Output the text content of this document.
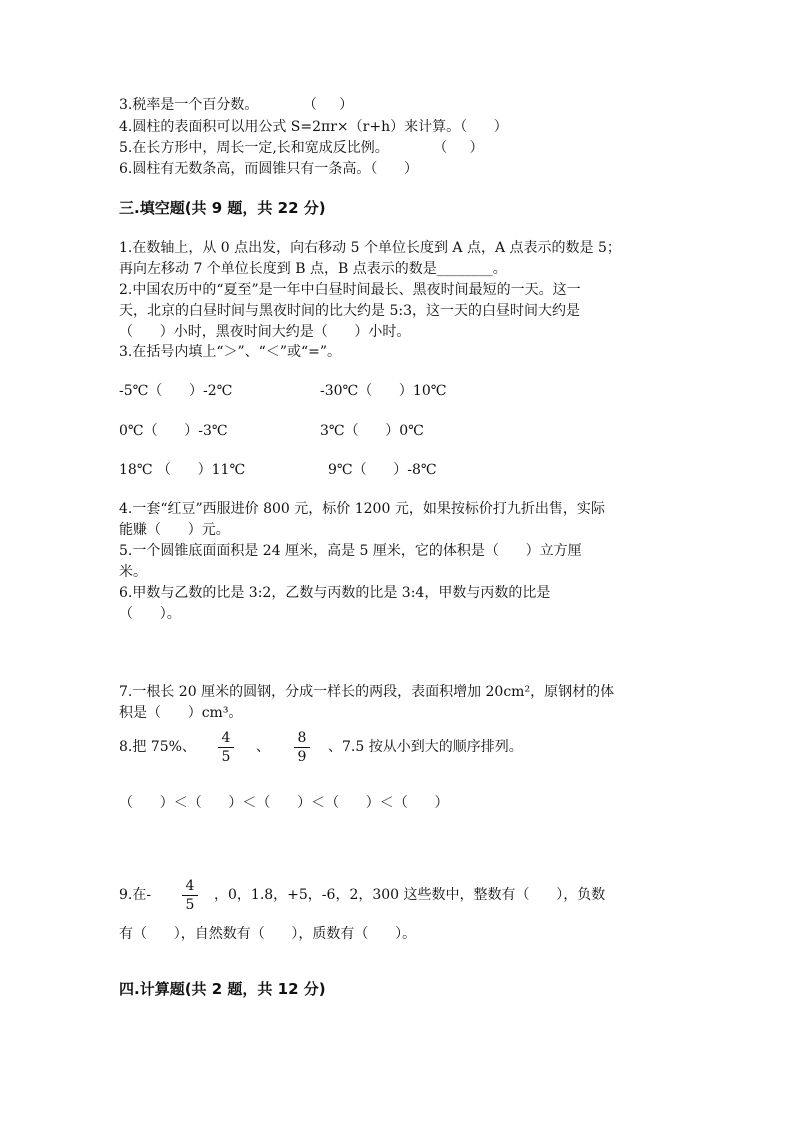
3.税率是一个百分数。          （     ）
4.圆柱的表面积可以用公式 S=2πr×（r+h）来计算。（      ）
5.在长方形中，周长一定,长和宽成反比例。          （     ）
6.圆柱有无数条高，而圆锥只有一条高。（      ）
三.填空题(共 9 题，共 22 分)
1.在数轴上，从 0 点出发，向右移动 5 个单位长度到 A 点，A 点表示的数是 5；
再向左移动 7 个单位长度到 B 点，B 点表示的数是________。
2.中国农历中的“夏至”是一年中白昼时间最长、黑夜时间最短的一天。这一
天，北京的白昼时间与黑夜时间的比大约是 5:3，这一天的白昼时间大约是
（      ）小时，黑夜时间大约是（      ）小时。
3.在括号内填上“＞”、“＜”或“=”。
-5℃（      ）-2℃	-30℃（      ）10℃
0℃（      ）-3℃	3℃（      ）0℃
18℃ （      ）11℃	9℃（      ）-8℃
4.一套“红豆”西服进价 800 元，标价 1200 元，如果按标价打九折出售，实际
能赚（      ）元。
5.一个圆锥底面面积是 24 厘米，高是 5 厘米，它的体积是（      ）立方厘
米。
6.甲数与乙数的比是 3:2，乙数与丙数的比是 3:4，甲数与丙数的比是
（      ）。
7.一根长 20 厘米的圆钢，分成一样长的两段，表面积增加 20cm²，原钢材的体
积是（      ）cm³。
8.把 75%、
4
5
、
8
9
、7.5 按从小到大的顺序排列。
（      ）＜（      ）＜（      ）＜（      ）＜（      ）
9.在-
4
5
，0，1.8，+5，-6，2，300 这些数中，整数有（      ），负数
有（      ），自然数有（      ），质数有（      ）。
四.计算题(共 2 题，共 12 分)
